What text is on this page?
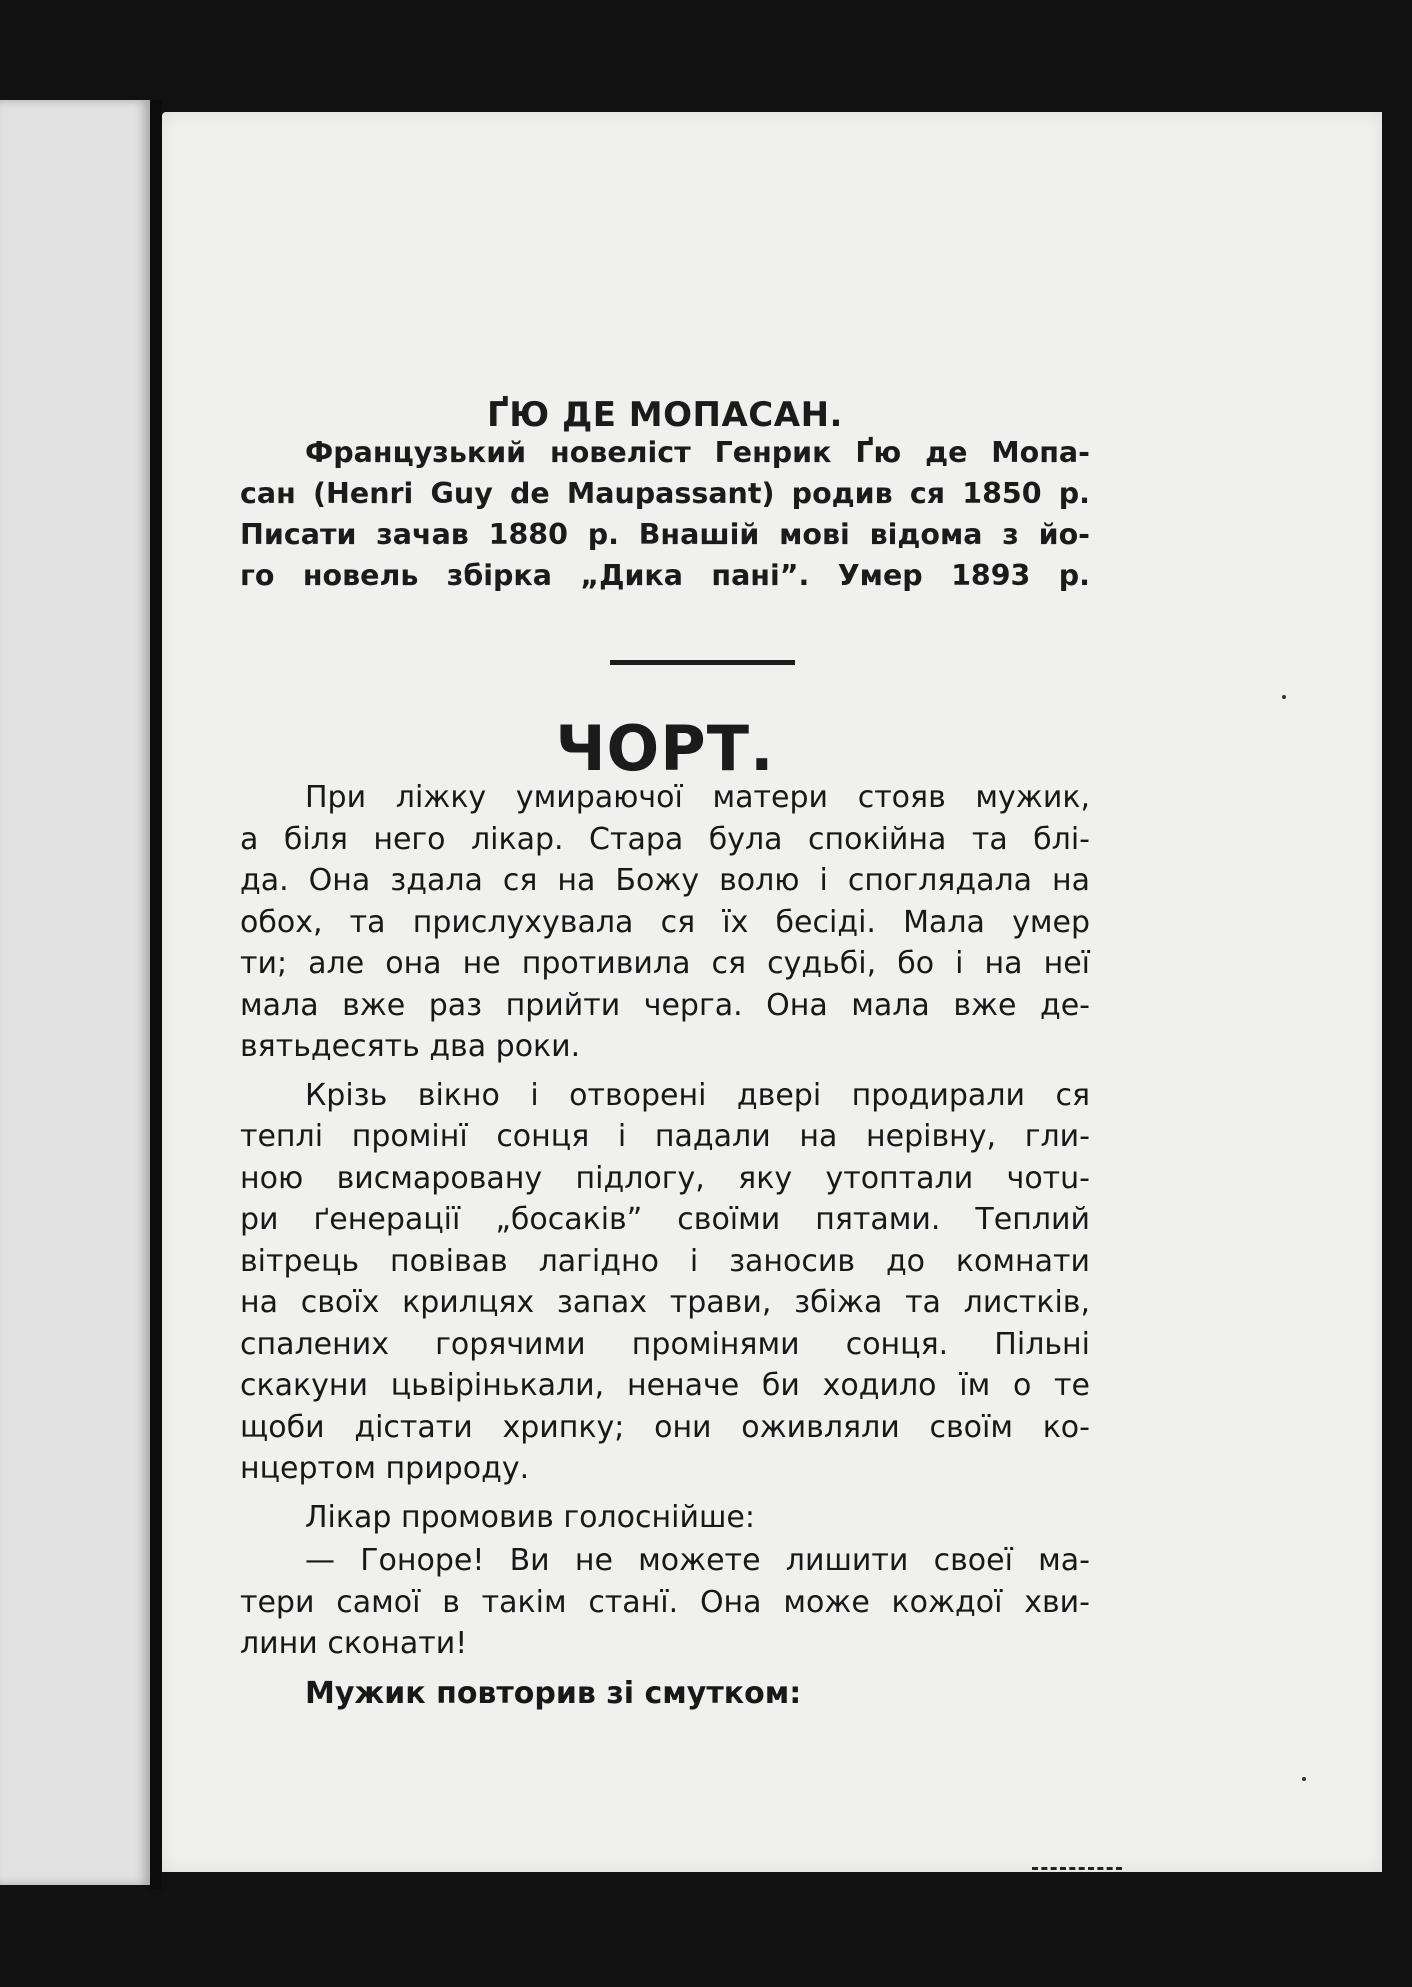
ҐЮ ДЕ МОПАСАН.
Французький новеліст Генрик Ґю де Мопа-
сан (Henri Guy de Maupassant) родив ся 1850 р.
Писати зачав 1880 р. Внашій мові відома з йо-
го новель збірка „Дика пані”. Умер 1893 р.
ЧОРТ.
При ліжку умираючої матери стояв мужик,
а біля него лікар. Стара була спокійна та блі-
да. Она здала ся на Божу волю і споглядала на
обох, та прислухувала ся їх бесіді. Мала умер
ти; але она не противила ся судьбі, бо і на неї
мала вже раз прийти черга. Она мала вже де-
вятьдесять два роки.
Крізь вікно і отворені двері продирали ся
теплі промінї сонця і падали на нерівну, гли-
ною висмаровану підлогу, яку утоптали чотu-
ри ґенерації „босаків” своїми пятами. Теплий
вітрець повівав лагідно і заносив до комнати
на своїх крилцях запах трави, збіжа та листків,
спалених горячими промінями сонця. Пільні
скакуни цьвірінькали, неначе би ходило їм о те
щоби дістати хрипку; они оживляли своїм ко-
нцертом природу.
Лікар промовив голоснійше:
— Гоноре! Ви не можете лишити своеї ма-
тери самої в такім станї. Она може кождої хви-
лини сконати!
Мужик повторив зі смутком:
